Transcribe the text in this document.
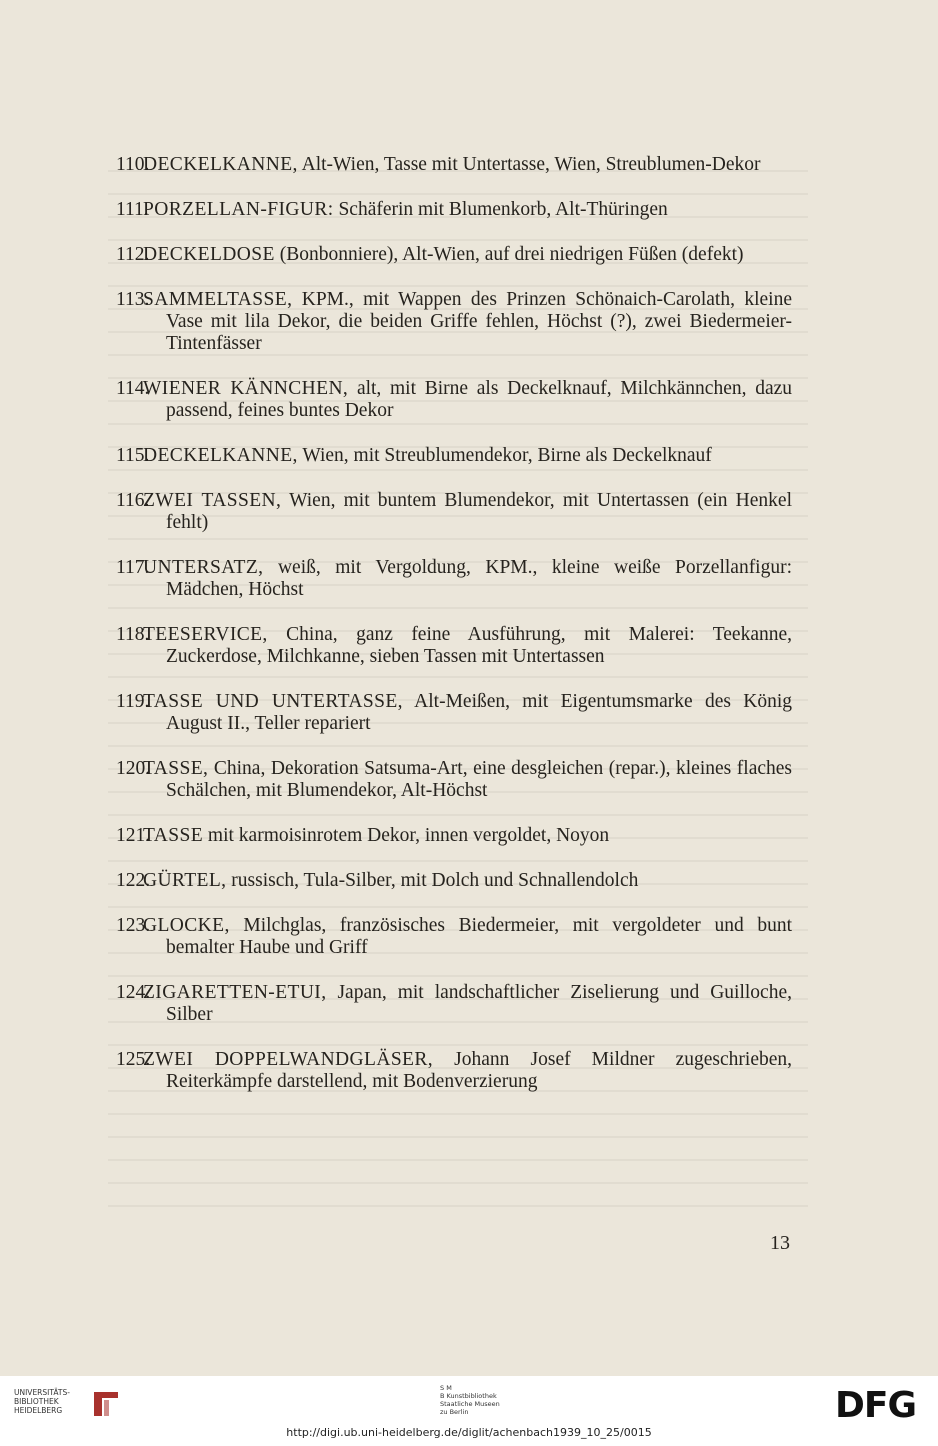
110.
DECKELKANNE, Alt-Wien, Tasse mit Untertasse, Wien, Streublumen-Dekor
111.
PORZELLAN-FIGUR: Schäferin mit Blumenkorb, Alt-Thüringen
112.
DECKELDOSE (Bonbonniere), Alt-Wien, auf drei niedrigen Füßen (defekt)
113.
SAMMELTASSE, KPM., mit Wappen des Prinzen Schönaich-Carolath, kleine Vase mit lila Dekor, die beiden Griffe fehlen, Höchst (?), zwei Biedermeier-Tintenfässer
114.
WIENER KÄNNCHEN, alt, mit Birne als Deckelknauf, Milchkännchen, dazu passend, feines buntes Dekor
115.
DECKELKANNE, Wien, mit Streublumendekor, Birne als Deckelknauf
116.
ZWEI TASSEN, Wien, mit buntem Blumendekor, mit Untertassen (ein Henkel fehlt)
117.
UNTERSATZ, weiß, mit Vergoldung, KPM., kleine weiße Porzellanfigur: Mädchen, Höchst
118.
TEESERVICE, China, ganz feine Ausführung, mit Malerei: Teekanne, Zuckerdose, Milchkanne, sieben Tassen mit Untertassen
119.
TASSE UND UNTERTASSE, Alt-Meißen, mit Eigentumsmarke des König August II., Teller repariert
120.
TASSE, China, Dekoration Satsuma-Art, eine desgleichen (repar.), kleines flaches Schälchen, mit Blumendekor, Alt-Höchst
121.
TASSE mit karmoisinrotem Dekor, innen vergoldet, Noyon
122.
GÜRTEL, russisch, Tula-Silber, mit Dolch und Schnallendolch
123.
GLOCKE, Milchglas, französisches Biedermeier, mit vergoldeter und bunt bemalter Haube und Griff
124.
ZIGARETTEN-ETUI, Japan, mit landschaftlicher Ziselierung und Guilloche, Silber
125.
ZWEI DOPPELWANDGLÄSER, Johann Josef Mildner zugeschrieben, Reiterkämpfe darstellend, mit Bodenverzierung
13
UNIVERSITÄTS-
BIBLIOTHEK
HEIDELBERG
S M
B Kunstbibliothek
Staatliche Museen
zu Berlin	DFG
http://digi.ub.uni-heidelberg.de/diglit/achenbach1939_10_25/0015
